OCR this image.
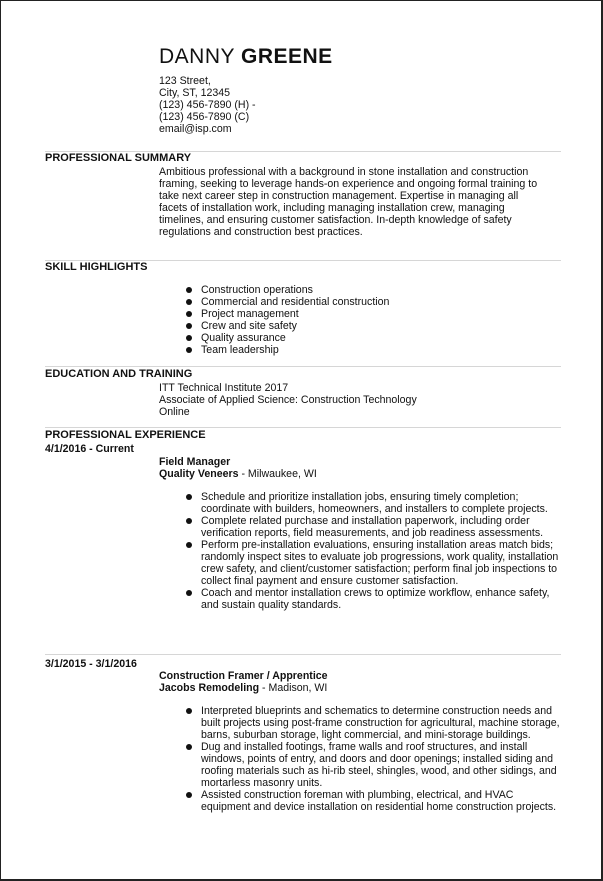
DANNY GREENE
123 Street,
City, ST, 12345
(123) 456-7890 (H) -
(123) 456-7890 (C)
email@isp.com
PROFESSIONAL SUMMARY
Ambitious professional with a background in stone installation and construction framing, seeking to leverage hands-on experience and ongoing formal training to take next career step in construction management. Expertise in managing all facets of installation work, including managing installation crew, managing timelines, and ensuring customer satisfaction. In-depth knowledge of safety regulations and construction best practices.
SKILL HIGHLIGHTS
Construction operations
Commercial and residential construction
Project management
Crew and site safety
Quality assurance
Team leadership
EDUCATION AND TRAINING
ITT Technical Institute 2017
Associate of Applied Science: Construction Technology
Online
PROFESSIONAL EXPERIENCE
4/1/2016 - Current
Field Manager
Quality Veneers - Milwaukee, WI
Schedule and prioritize installation jobs, ensuring timely completion; coordinate with builders, homeowners, and installers to complete projects.
Complete related purchase and installation paperwork, including order verification reports, field measurements, and job readiness assessments.
Perform pre-installation evaluations, ensuring installation areas match bids; randomly inspect sites to evaluate job progressions, work quality, installation crew safety, and client/customer satisfaction; perform final job inspections to collect final payment and ensure customer satisfaction.
Coach and mentor installation crews to optimize workflow, enhance safety, and sustain quality standards.
3/1/2015 - 3/1/2016
Construction Framer / Apprentice
Jacobs Remodeling - Madison, WI
Interpreted blueprints and schematics to determine construction needs and built projects using post-frame construction for agricultural, machine storage, barns, suburban storage, light commercial, and mini-storage buildings.
Dug and installed footings, frame walls and roof structures, and install windows, points of entry, and doors and door openings; installed siding and roofing materials such as hi-rib steel, shingles, wood, and other sidings, and mortarless masonry units.
Assisted construction foreman with plumbing, electrical, and HVAC equipment and device installation on residential home construction projects.
